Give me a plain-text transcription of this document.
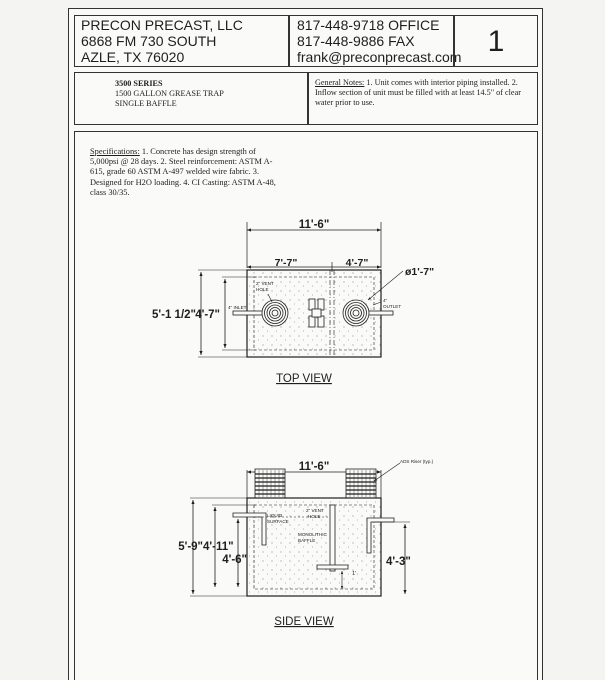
PRECON PRECAST, LLC
6868 FM 730 SOUTH
AZLE, TX 76020
817-448-9718 OFFICE
817-448-9886 FAX
frank@preconprecast.com 1
3500 SERIES
1500 GALLON GREASE TRAP
SINGLE BAFFLE

General Notes: 1. Unit comes with interior piping installed. 2. Inflow section of unit must be filled with at least 14.5" of clear water prior to use.

Specifications: 1. Concrete has design strength of 5,000psi @ 28 days. 2. Steel reinforcement: ASTM A-615, grade 60 ASTM A-497 welded wire fabric. 3. Designed for H2O loading. 4. CI Casting: ASTM A-48, class 30/35.

11'-6"
7'-7"	4'-7"
5'-1 1/2" 4'-7"
ø1'-7"
2" VENT
HOLE
4" INLET
4"
OUTLET
TOP VIEW
11'-6"	ADS Riser (typ.)
5'-9" 4'-11"
4'-6"	4'-3"
LIQUID
SURFACE
2" VENT
HOLE
MONOLITHIC
BAFFLE
1'
SIDE VIEW
